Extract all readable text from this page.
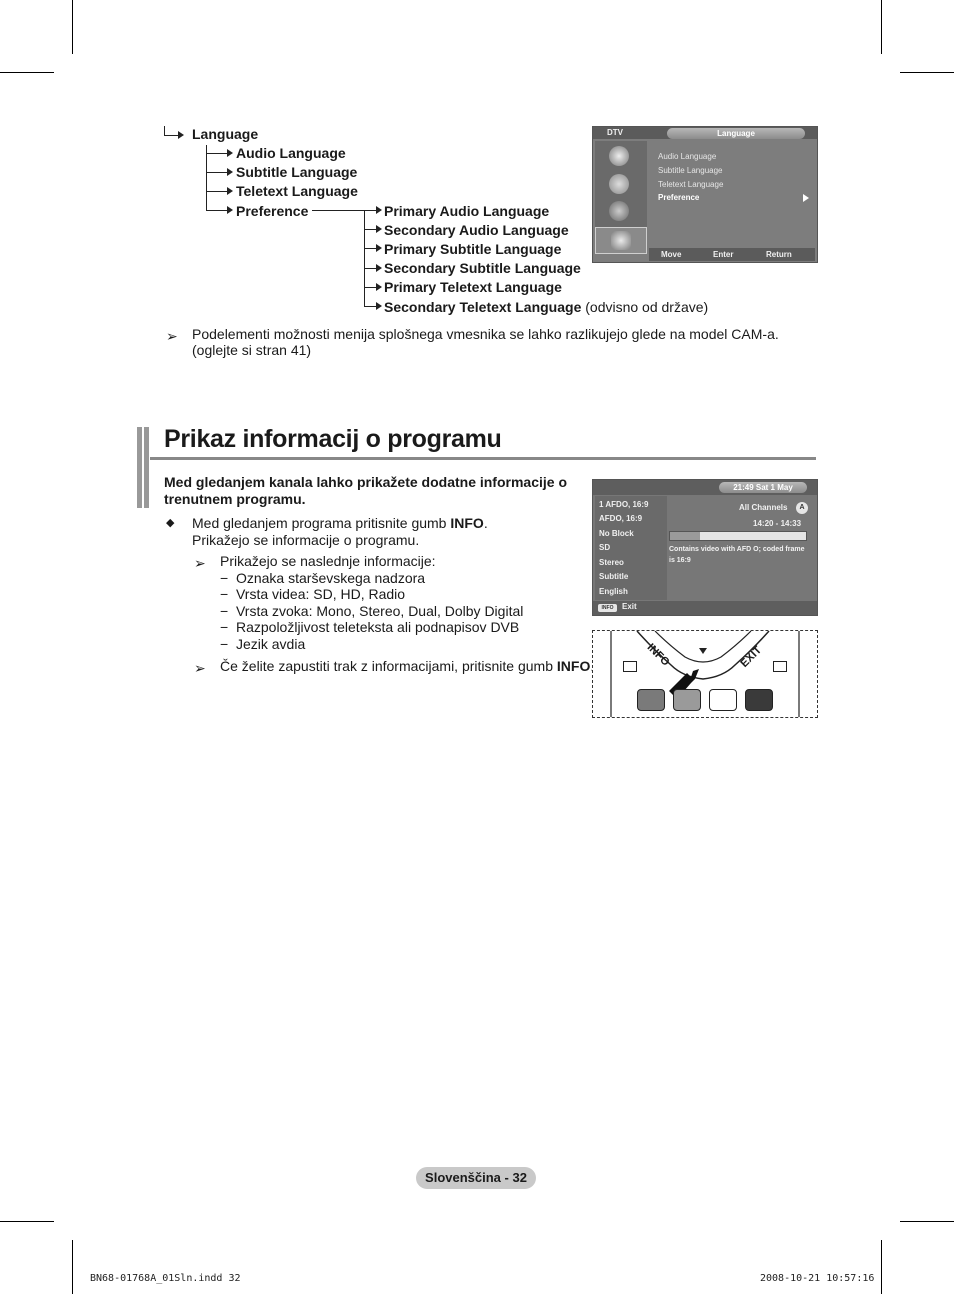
Language
Audio Language
Subtitle Language
Teletext Language
Preference	Primary Audio Language
Secondary Audio Language
Primary Subtitle Language
Secondary Subtitle Language
Primary Teletext Language
Secondary Teletext Language (odvisno od države)
DTV	Language
Audio Language
Subtitle Language
Teletext Language
Preference
Move	Enter	Return
➢ Podelementi možnosti menija splošnega vmesnika se lahko razlikujejo glede na model CAM-a.
(oglejte si stran 41)
Prikaz informacij o programu
Med gledanjem kanala lahko prikažete dodatne informacije o
trenutnem programu.
◆ Med gledanjem programa pritisnite gumb INFO.
Prikažejo se informacije o programu.
➢ Prikažejo se naslednje informacije:
−  Oznaka starševskega nadzora
−  Vrsta videa: SD, HD, Radio
−  Vrsta zvoka: Mono, Stereo, Dual, Dolby Digital
−  Razpoložljivost teleteksta ali podnapisov DVB
−  Jezik avdia
➢ Če želite zapustiti trak z informacijami, pritisnite gumb INFO
21:49 Sat 1 May
1 AFDO, 16:9
AFDO, 16:9
No Block
SD
Stereo
Subtitle
English
All Channels	A
14:20 - 14:33
Contains video with AFD O; coded frame
is 16:9
INFO	Exit
INFO	EXIT
Slovenščina - 32
BN68-01768A_01Sln.indd 32	2008-10-21 10:57:16
